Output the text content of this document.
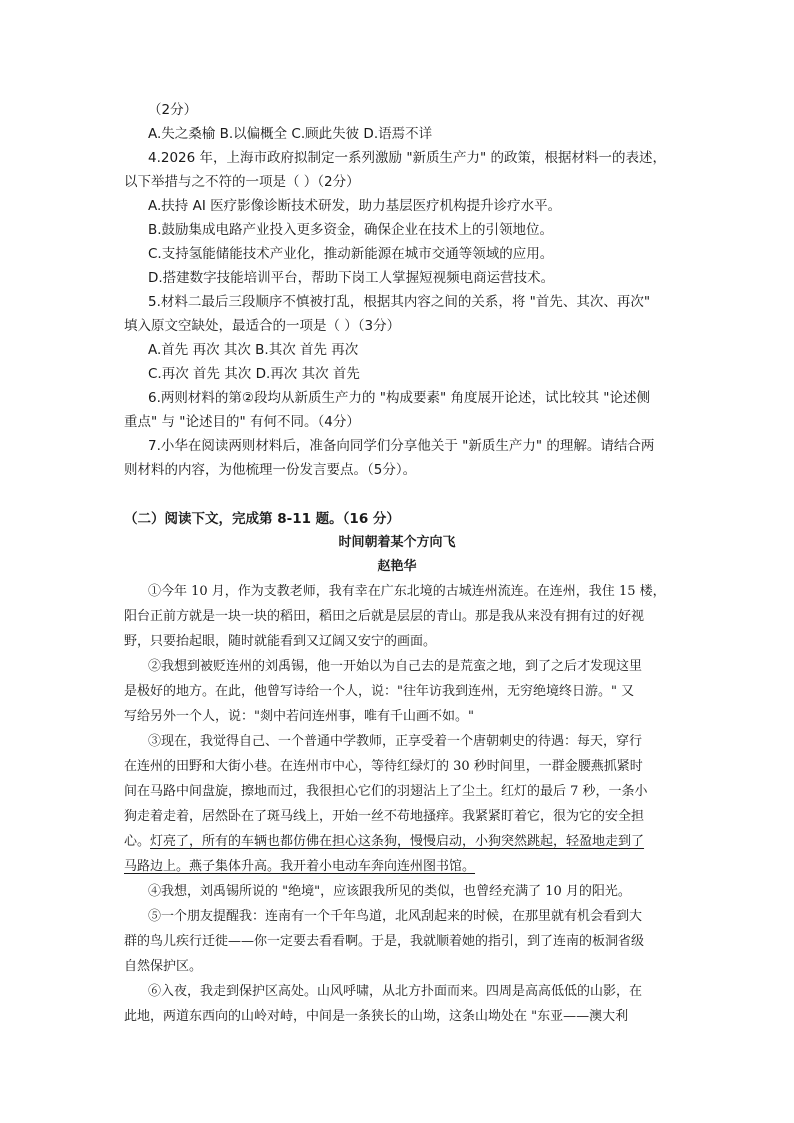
（2分）
A.失之桑榆 B.以偏概全 C.顾此失彼 D.语焉不详
4.2026 年，上海市政府拟制定一系列激励 "新质生产力" 的政策，根据材料一的表述，
以下举措与之不符的一项是（ ）（2分）
A.扶持 AI 医疗影像诊断技术研发，助力基层医疗机构提升诊疗水平。
B.鼓励集成电路产业投入更多资金，确保企业在技术上的引领地位。
C.支持氢能储能技术产业化，推动新能源在城市交通等领域的应用。
D.搭建数字技能培训平台，帮助下岗工人掌握短视频电商运营技术。
5.材料二最后三段顺序不慎被打乱，根据其内容之间的关系，将 "首先、其次、再次"
填入原文空缺处，最适合的一项是（ ）（3分）
A.首先 再次 其次 B.其次 首先 再次
C.再次 首先 其次 D.再次 其次 首先
6.两则材料的第②段均从新质生产力的 "构成要素" 角度展开论述，试比较其 "论述侧
重点" 与 "论述目的" 有何不同。（4分）
7.小华在阅读两则材料后，准备向同学们分享他关于 "新质生产力" 的理解。请结合两
则材料的内容，为他梳理一份发言要点。（5分）。
（二）阅读下文，完成第 8-11 题。（16 分）
时间朝着某个方向飞
赵艳华
①今年 10 月，作为支教老师，我有幸在广东北境的古城连州流连。在连州，我住 15 楼，
阳台正前方就是一块一块的稻田，稻田之后就是层层的青山。那是我从来没有拥有过的好视
野，只要抬起眼，随时就能看到又辽阔又安宁的画面。
②我想到被贬连州的刘禹锡，他一开始以为自己去的是荒蛮之地，到了之后才发现这里
是极好的地方。在此，他曾写诗给一个人，说："往年访我到连州，无穷绝境终日游。" 又
写给另外一个人，说："剡中若问连州事，唯有千山画不如。"
③现在，我觉得自己、一个普通中学教师，正享受着一个唐朝刺史的待遇：每天，穿行
在连州的田野和大街小巷。在连州市中心，等待红绿灯的 30 秒时间里，一群金腰燕抓紧时
间在马路中间盘旋，擦地而过，我很担心它们的羽翅沾上了尘土。红灯的最后 7 秒，一条小
狗走着走着，居然卧在了斑马线上，开始一丝不苟地搔痒。我紧紧盯着它，很为它的安全担
心。灯亮了，所有的车辆也都仿佛在担心这条狗，慢慢启动，小狗突然跳起，轻盈地走到了
马路边上。燕子集体升高。我开着小电动车奔向连州图书馆。
④我想，刘禹锡所说的 "绝境"，应该跟我所见的类似，也曾经充满了 10 月的阳光。
⑤一个朋友提醒我：连南有一个千年鸟道，北风刮起来的时候，在那里就有机会看到大
群的鸟儿疾行迁徙——你一定要去看看啊。于是，我就顺着她的指引，到了连南的板洞省级
自然保护区。
⑥入夜，我走到保护区高处。山风呼啸，从北方扑面而来。四周是高高低低的山影，在
此地，两道东西向的山岭对峙，中间是一条狭长的山坳，这条山坳处在 "东亚——澳大利
